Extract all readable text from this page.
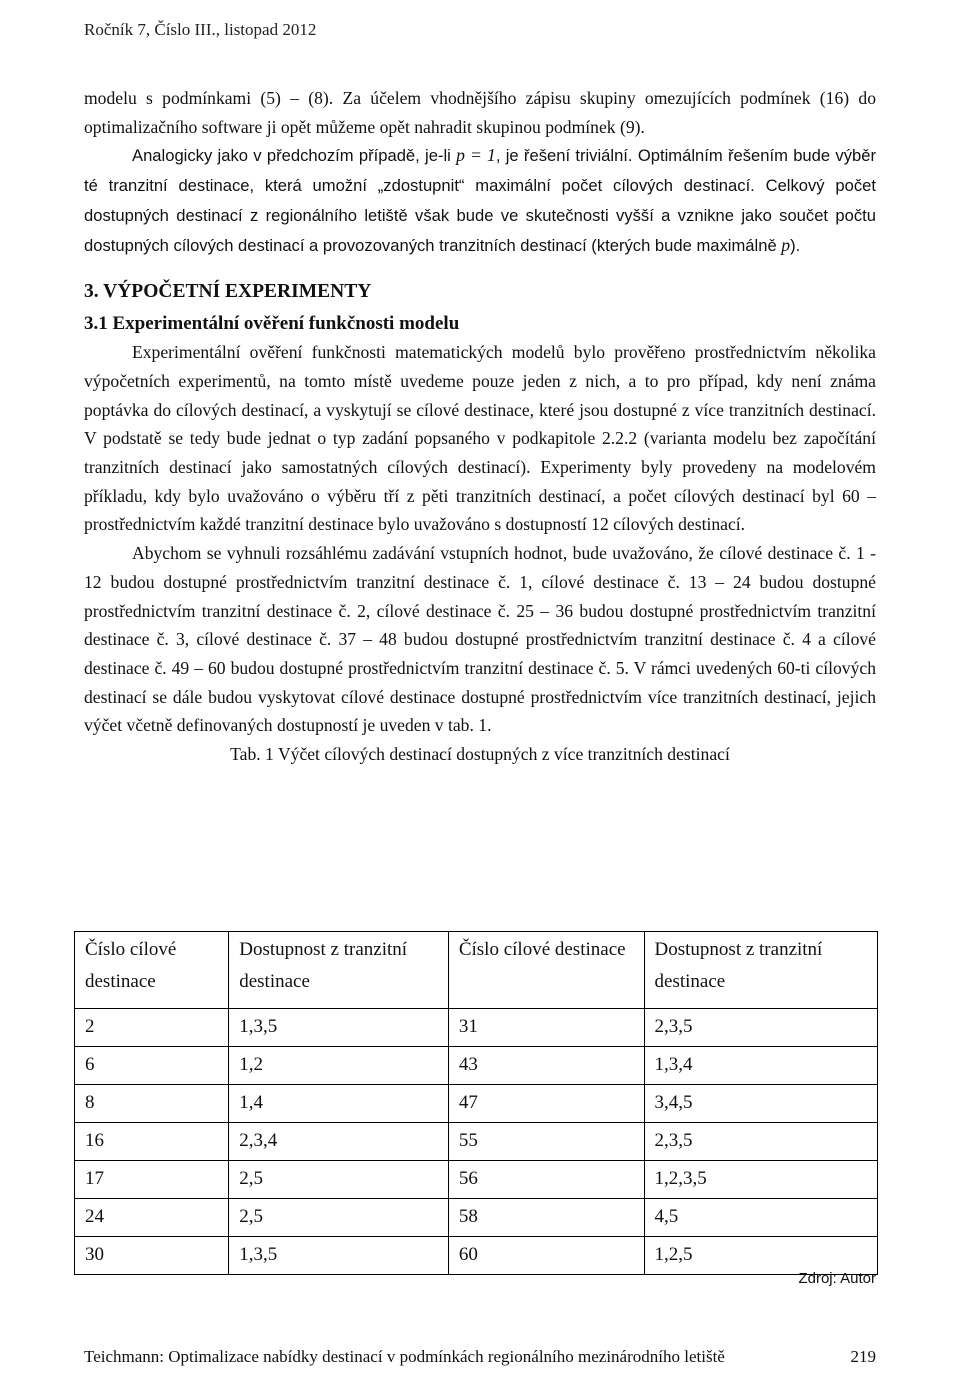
Ročník 7, Číslo III., listopad 2012

modelu s podmínkami (5) – (8). Za účelem vhodnějšího zápisu skupiny omezujících podmínek (16) do optimalizačního software ji opět můžeme opět nahradit skupinou podmínek (9).

Analogicky jako v předchozím případě, je-li p = 1, je řešení triviální. Optimálním řešením bude výběr té tranzitní destinace, která umožní „zdostupnit“ maximální počet cílových destinací. Celkový počet dostupných destinací z regionálního letiště však bude ve skutečnosti vyšší a vznikne jako součet počtu dostupných cílových destinací a provozovaných tranzitních destinací (kterých bude maximálně p).

3. VÝPOČETNÍ EXPERIMENTY
3.1 Experimentální ověření funkčnosti modelu

Experimentální ověření funkčnosti matematických modelů bylo prověřeno prostřednictvím několika výpočetních experimentů, na tomto místě uvedeme pouze jeden z nich, a to pro případ, kdy není známa poptávka do cílových destinací, a vyskytují se cílové destinace, které jsou dostupné z více tranzitních destinací. V podstatě se tedy bude jednat o typ zadání popsaného v podkapitole 2.2.2 (varianta modelu bez započítání tranzitních destinací jako samostatných cílových destinací). Experimenty byly provedeny na modelovém příkladu, kdy bylo uvažováno o výběru tří z pěti tranzitních destinací, a počet cílových destinací byl 60 – prostřednictvím každé tranzitní destinace bylo uvažováno s dostupností 12 cílových destinací.

Abychom se vyhnuli rozsáhlému zadávání vstupních hodnot, bude uvažováno, že cílové destinace č. 1 - 12 budou dostupné prostřednictvím tranzitní destinace č. 1, cílové destinace č. 13 – 24 budou dostupné prostřednictvím tranzitní destinace č. 2, cílové destinace č. 25 – 36 budou dostupné prostřednictvím tranzitní destinace č. 3, cílové destinace č. 37 – 48 budou dostupné prostřednictvím tranzitní destinace č. 4 a cílové destinace č. 49 – 60 budou dostupné prostřednictvím tranzitní destinace č. 5. V rámci uvedených 60-ti cílových destinací se dále budou vyskytovat cílové destinace dostupné prostřednictvím více tranzitních destinací, jejich výčet včetně definovaných dostupností je uveden v tab. 1.

Tab. 1 Výčet cílových destinací dostupných z více tranzitních destinací

Číslo cílové destinace	Dostupnost z tranzitní destinace	Číslo cílové destinace	Dostupnost z tranzitní destinace
2	1,3,5	31	2,3,5
6	1,2	43	1,3,4
8	1,4	47	3,4,5
16	2,3,4	55	2,3,5
17	2,5	56	1,2,3,5
24	2,5	58	4,5
30	1,3,5	60	1,2,5
Zdroj: Autor
Teichmann: Optimalizace nabídky destinací v podmínkách regionálního mezinárodního letiště	219
